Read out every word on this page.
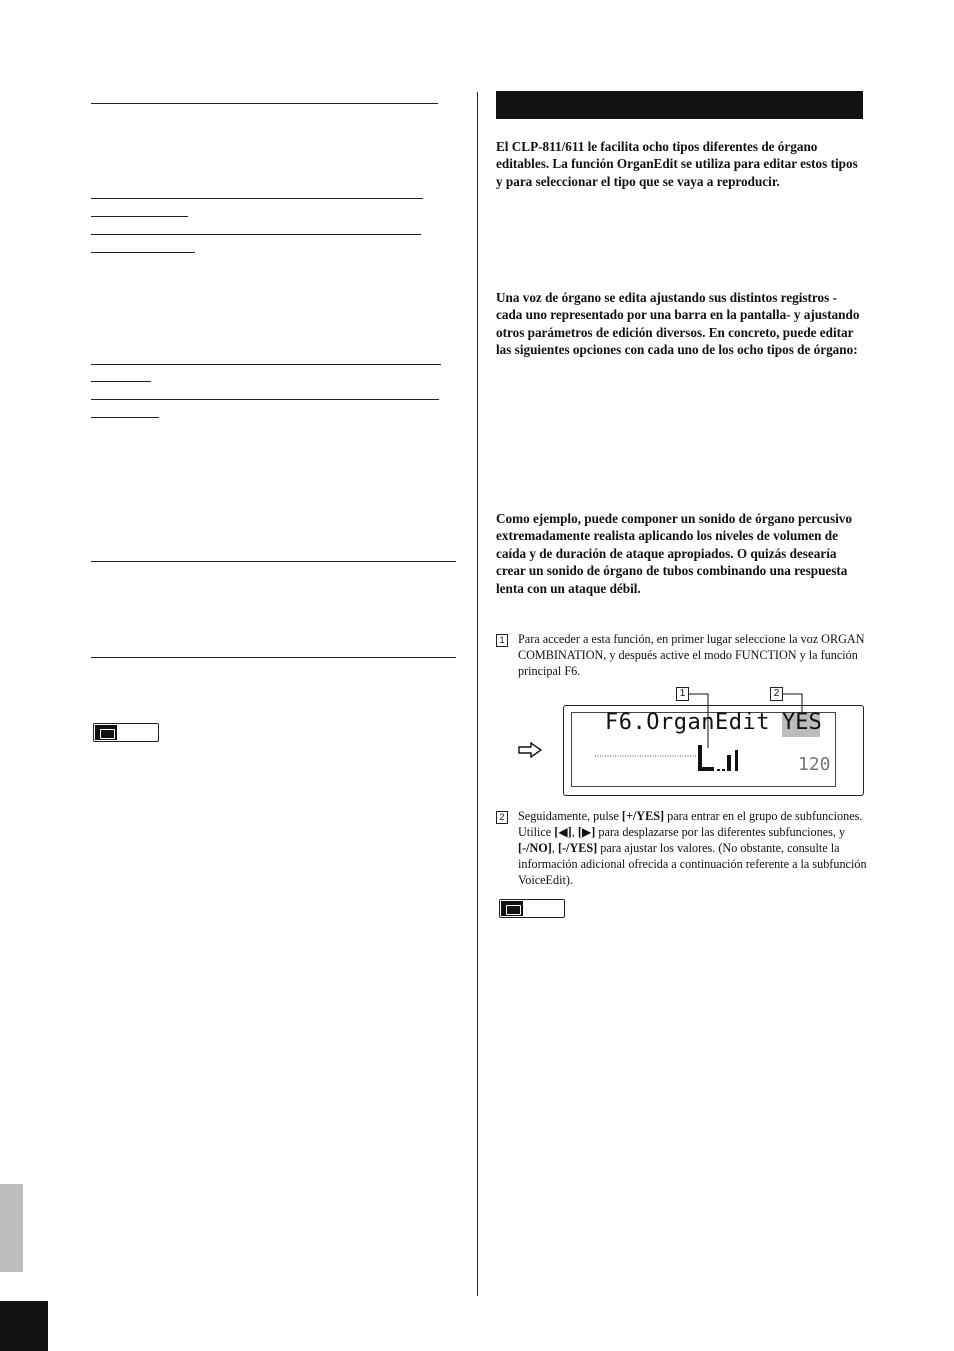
El CLP-811/611 le facilita ocho tipos diferentes de órgano editables. La función OrganEdit se utiliza para editar estos tipos y para seleccionar el tipo que se vaya a reproducir.
Una voz de órgano se edita ajustando sus distintos registros -cada uno representado por una barra en la pantalla- y ajustando otros parámetros de edición diversos. En concreto, puede editar las siguientes opciones con cada uno de los ocho tipos de órgano:
Como ejemplo, puede componer un sonido de órgano percusivo extremadamente realista aplicando los niveles de volumen de caída y de duración de ataque apropiados. O quizás desearía crear un sonido de órgano de tubos combinando una respuesta lenta con un ataque débil.
1 Para acceder a esta función, en primer lugar seleccione la voz ORGAN COMBINATION, y después active el modo FUNCTION y la función principal F6.
F6.OrganEdit YES
120
1	2
2 Seguidamente, pulse [+/YES] para entrar en el grupo de subfunciones. Utilice [◀], [▶] para desplazarse por las diferentes subfunciones, y [-/NO], [-/YES] para ajustar los valores. (No obstante, consulte la información adicional ofrecida a continuación referente a la subfunción VoiceEdit).
